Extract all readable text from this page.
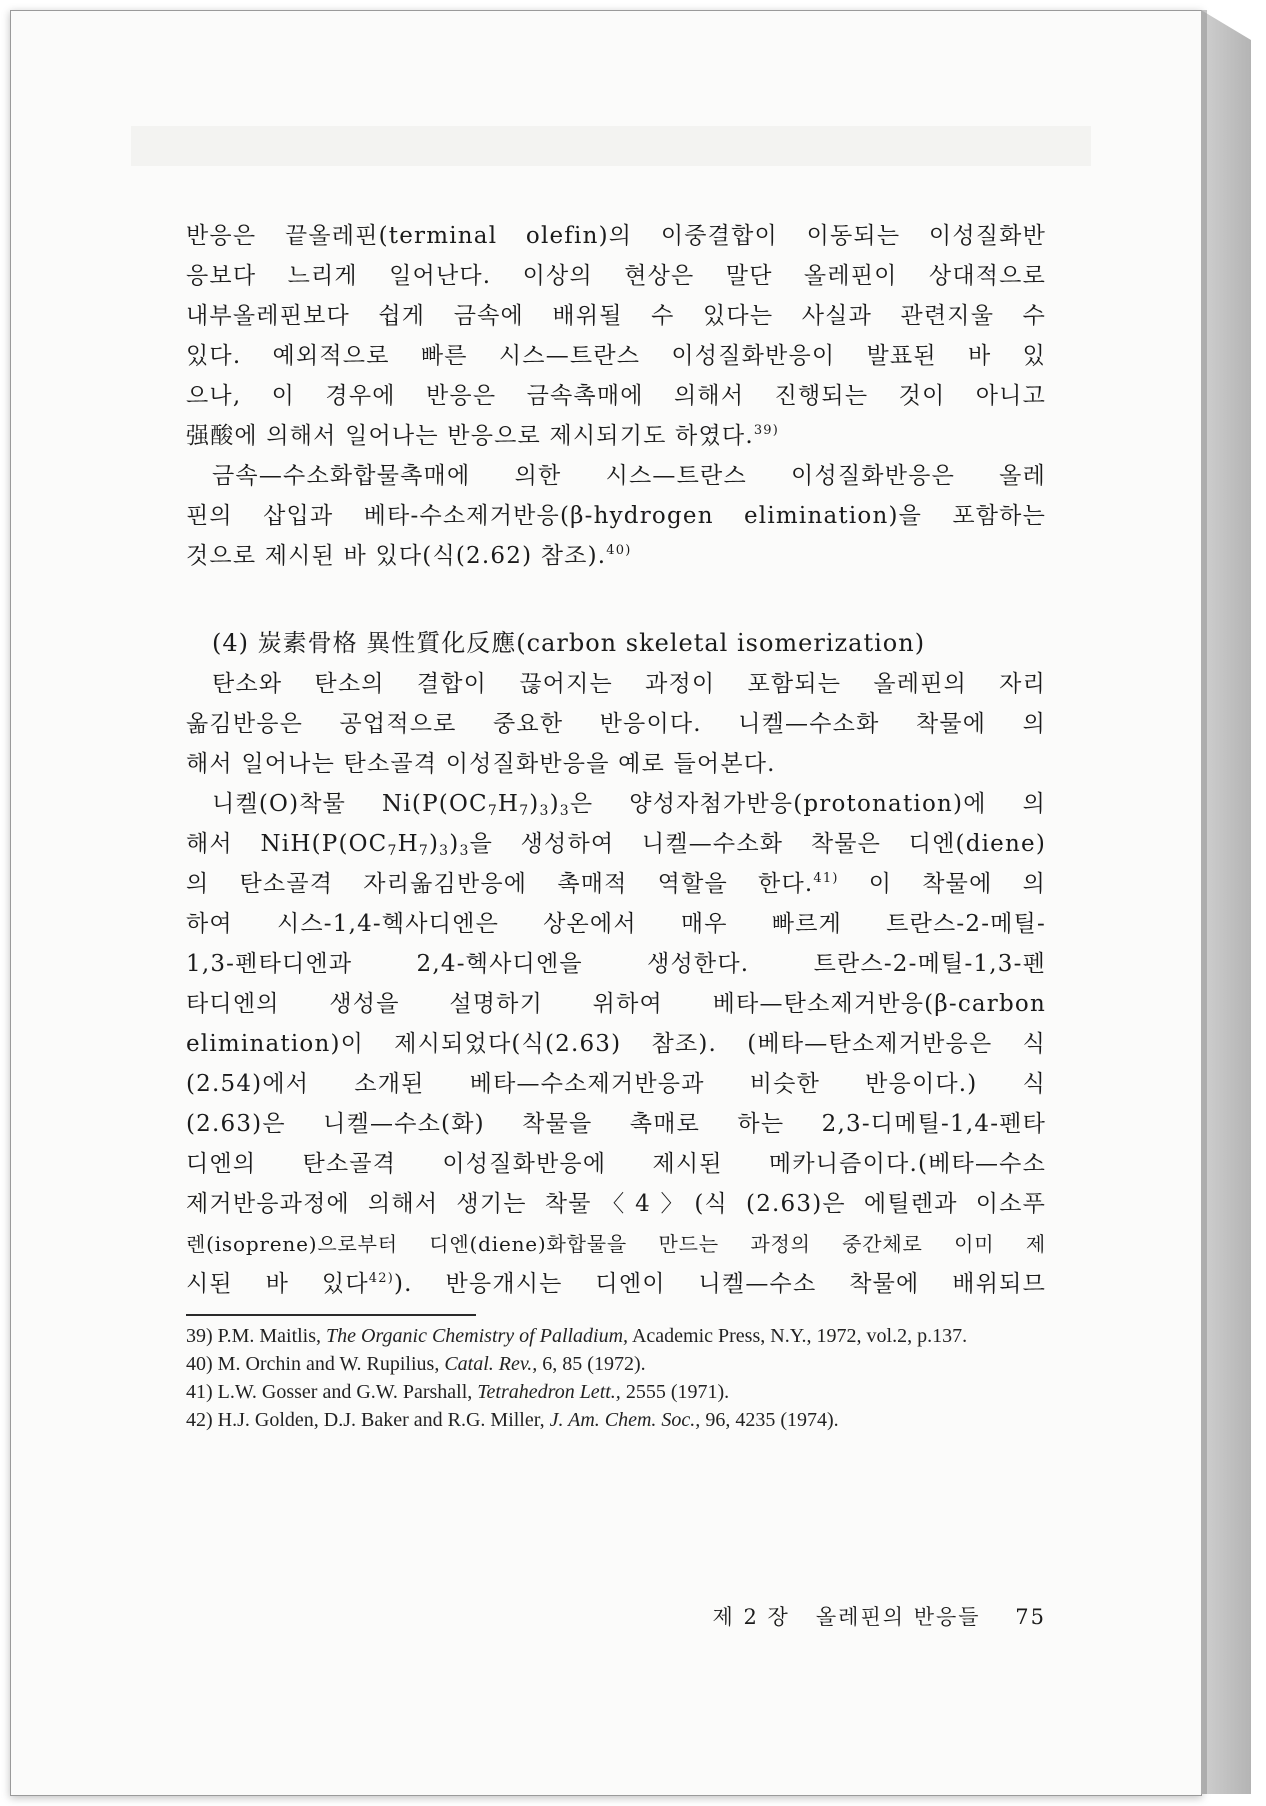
반응은 끝올레핀(terminal olefin)의 이중결합이 이동되는 이성질화반
응보다 느리게 일어난다. 이상의 현상은 말단 올레핀이 상대적으로
내부올레핀보다 쉽게 금속에 배위될 수 있다는 사실과 관련지울 수
있다. 예외적으로 빠른 시스—트란스 이성질화반응이 발표된 바 있
으나, 이 경우에 반응은 금속촉매에 의해서 진행되는 것이 아니고
强酸에 의해서 일어나는 반응으로 제시되기도 하였다.$^{39)}$
금속—수소화합물촉매에 의한 시스—트란스 이성질화반응은 올레
핀의 삽입과 베타-수소제거반응(β-hydrogen elimination)을 포함하는
것으로 제시된 바 있다(식(2.62) 참조).$^{40)}$
(4) 炭素骨格 異性質化反應(carbon skeletal isomerization)
탄소와 탄소의 결합이 끊어지는 과정이 포함되는 올레핀의 자리
옮김반응은 공업적으로 중요한 반응이다. 니켈—수소화 착물에 의
해서 일어나는 탄소골격 이성질화반응을 예로 들어본다.
니켈(O)착물 $Ni(P(OC_7H_7)_3)_3$은 양성자첨가반응(protonation)에 의
해서 $NiH(P(OC_7H_7)_3)_3$을 생성하여 니켈—수소화 착물은 디엔(diene)
의 탄소골격 자리옮김반응에 촉매적 역할을 한다.$^{41)}$ 이 착물에 의
하여 시스-1,4-헥사디엔은 상온에서 매우 빠르게 트란스-2-메틸-
1,3-펜타디엔과 2,4-헥사디엔을 생성한다. 트란스-2-메틸-1,3-펜
타디엔의 생성을 설명하기 위하여 베타—탄소제거반응(β-carbon
elimination)이 제시되었다(식(2.63) 참조). (베타—탄소제거반응은 식
(2.54)에서 소개된 베타—수소제거반응과 비슷한 반응이다.) 식
(2.63)은 니켈—수소(화) 착물을 촉매로 하는 2,3-디메틸-1,4-펜타
디엔의 탄소골격 이성질화반응에 제시된 메카니즘이다.(베타—수소
제거반응과정에 의해서 생기는 착물〈4〉(식 (2.63)은 에틸렌과 이소푸
렌(isoprene)으로부터 디엔(diene)화합물을 만드는 과정의 중간체로 이미 제
시된 바 있다$^{42)}$). 반응개시는 디엔이 니켈—수소 착물에 배위되므
39) P.M. Maitlis, The Organic Chemistry of Palladium, Academic Press, N.Y., 1972, vol.2, p.137.
40) M. Orchin and W. Rupilius, Catal. Rev., 6, 85 (1972).
41) L.W. Gosser and G.W. Parshall, Tetrahedron Lett., 2555 (1971).
42) H.J. Golden, D.J. Baker and R.G. Miller, J. Am. Chem. Soc., 96, 4235 (1974).
제 2 장 올레핀의 반응들 75
